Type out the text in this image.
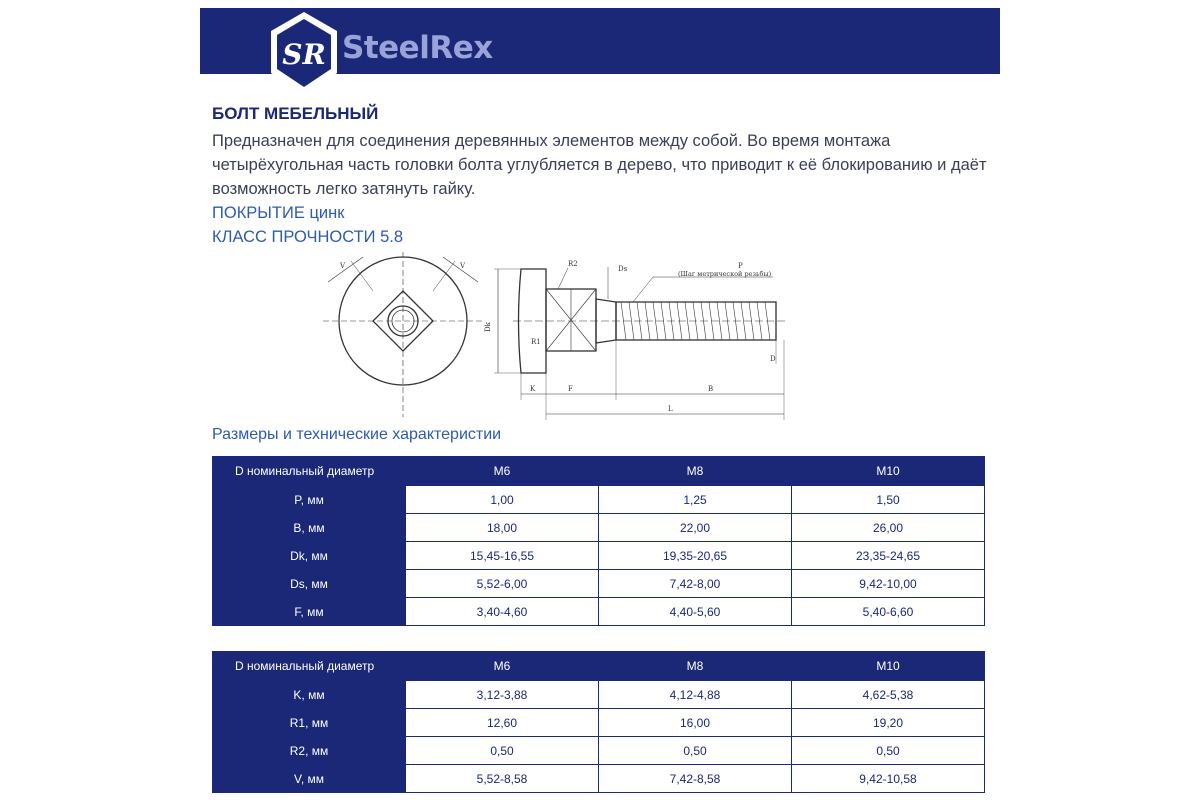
SR SteelRex

БОЛТ МЕБЕЛЬНЫЙ

Предназначен для соединения деревянных элементов между собой. Во время монтажа четырёхугольная часть головки болта углубляется в дерево, что приводит к её блокированию и даёт возможность легко затянуть гайку.

ПОКРЫТИЕ цинк

КЛАСС ПРОЧНОСТИ 5.8

V	V
Dk
R2
R1
Ds	P
(Шаг метрической резьбы)
D
K	F	B
L
Размеры и технические характеристии
D номинальный диаметр	M6	M8	M10
P, мм	1,00	1,25	1,50
B, мм	18,00	22,00	26,00
Dk, мм	15,45-16,55	19,35-20,65	23,35-24,65
Ds, мм	5,52-6,00	7,42-8,00	9,42-10,00
F, мм	3,40-4,60	4,40-5,60	5,40-6,60
D номинальный диаметр	M6	M8	M10
K, мм	3,12-3,88	4,12-4,88	4,62-5,38
R1, мм	12,60	16,00	19,20
R2, мм	0,50	0,50	0,50
V, мм	5,52-8,58	7,42-8,58	9,42-10,58
